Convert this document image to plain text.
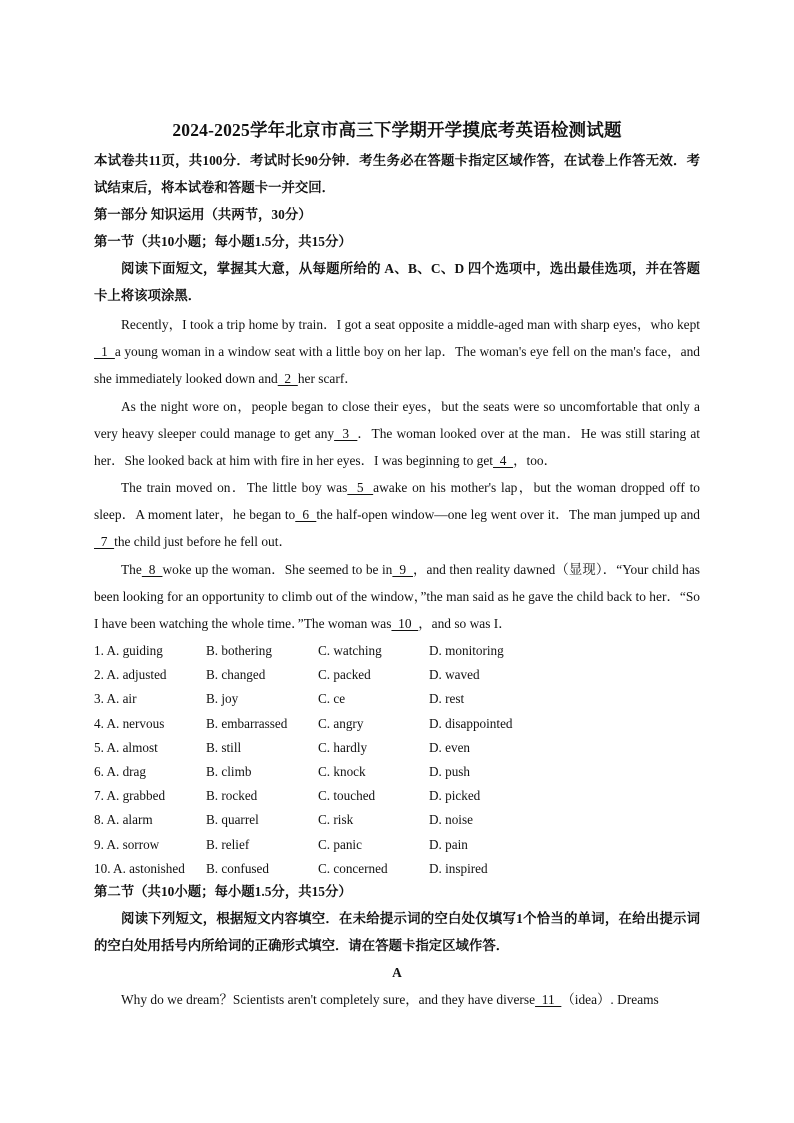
2024-2025学年北京市高三下学期开学摸底考英语检测试题

本试卷共11页，共100分．考试时长90分钟．考生务必在答题卡指定区域作答，在试卷上作答无效．考试结束后，将本试卷和答题卡一并交回．

第一部分 知识运用（共两节，30分）

第一节（共10小题；每小题1.5分，共15分）

阅读下面短文，掌握其大意，从每题所给的 A、B、C、D 四个选项中，选出最佳选项，并在答题卡上将该项涂黑．

Recently，I took a trip home by train．I got a seat opposite a middle-aged man with sharp eyes，who kept  1  a young woman in a window seat with a little boy on her lap．The woman's eye fell on the man's face，and she immediately looked down and  2  her scarf．

As the night wore on，people began to close their eyes，but the seats were so uncomfortable that only a very heavy sleeper could manage to get any  3  ．The woman looked over at the man．He was still staring at her．She looked back at him with fire in her eyes．I was beginning to get  4  ，too．

The train moved on．The little boy was  5  awake on his mother's lap，but the woman dropped off to sleep．A moment later，he began to  6  the half-open window—one leg went over it．The man jumped up and  7  the child just before he fell out．

The  8  woke up the woman．She seemed to be in  9  ，and then reality dawned（显现）．“Your child has been looking for an opportunity to climb out of the window，”the man said as he gave the child back to her．“So I have been watching the whole time．”The woman was  10  ，and so was I．

1. A. guiding	B. bothering	C. watching	D. monitoring
2. A. adjusted	B. changed	C. packed	D. waved
3. A. air	B. joy	C. ce	D. rest
4. A. nervous	B. embarrassed C. angry	D. disappointed
5. A. almost	B. still	C. hardly	D. even
6. A. drag	B. climb	C. knock	D. push
7. A. grabbed	B. rocked	C. touched	D. picked
8. A. alarm	B. quarrel	C. risk	D. noise
9. A. sorrow	B. relief	C. panic	D. pain
10. A. astonished B. confused	C. concerned	D. inspired

第二节（共10小题；每小题1.5分，共15分）

阅读下列短文，根据短文内容填空．在未给提示词的空白处仅填写1个恰当的单词，在给出提示词的空白处用括号内所给词的正确形式填空．请在答题卡指定区域作答．

A

Why do we dream？Scientists aren't completely sure，and they have diverse  11  （idea）. Dreams
